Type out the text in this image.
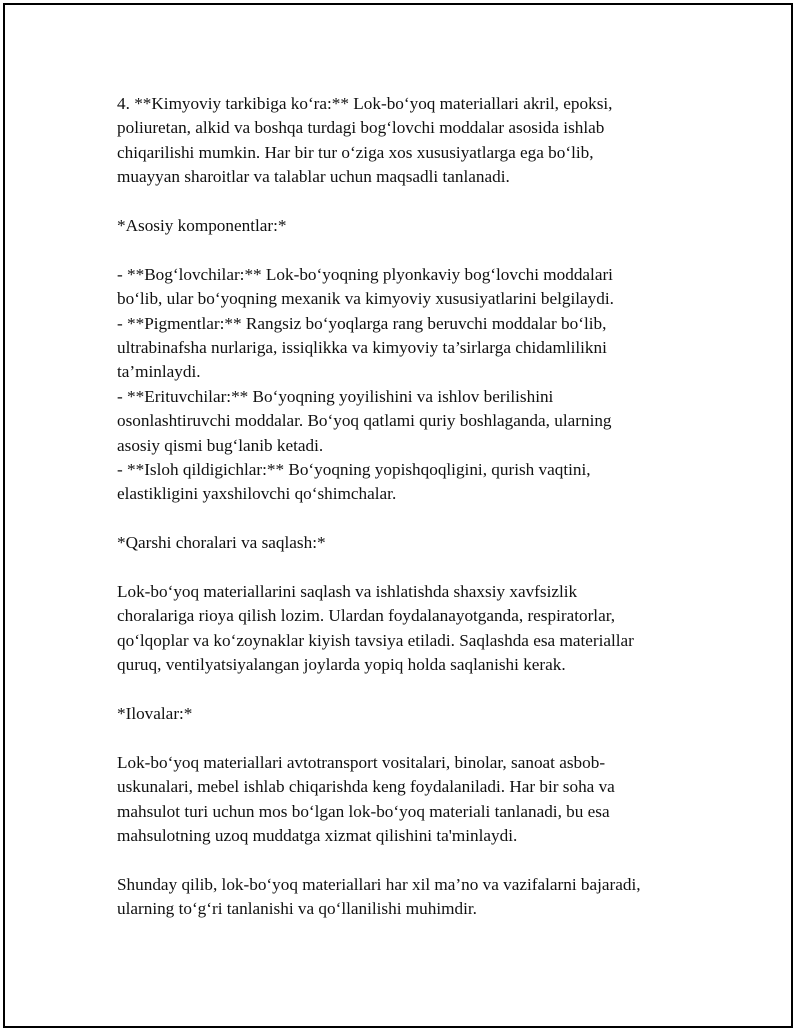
4. **Kimyoviy tarkibiga ko‘ra:** Lok-bo‘yoq materiallari akril, epoksi,

poliuretan, alkid va boshqa turdagi bog‘lovchi moddalar asosida ishlab

chiqarilishi mumkin. Har bir tur o‘ziga xos xususiyatlarga ega bo‘lib,

muayyan sharoitlar va talablar uchun maqsadli tanlanadi.

*Asosiy komponentlar:*

- **Bog‘lovchilar:** Lok-bo‘yoqning plyonkaviy bog‘lovchi moddalari

bo‘lib, ular bo‘yoqning mexanik va kimyoviy xususiyatlarini belgilaydi.

- **Pigmentlar:** Rangsiz bo‘yoqlarga rang beruvchi moddalar bo‘lib,

ultrabinafsha nurlariga, issiqlikka va kimyoviy ta’sirlarga chidamlilikni

ta’minlaydi.

- **Erituvchilar:** Bo‘yoqning yoyilishini va ishlov berilishini

osonlashtiruvchi moddalar. Bo‘yoq qatlami quriy boshlaganda, ularning

asosiy qismi bug‘lanib ketadi.

- **Isloh qildigichlar:** Bo‘yoqning yopishqoqligini, qurish vaqtini,

elastikligini yaxshilovchi qo‘shimchalar.

*Qarshi choralari va saqlash:*

Lok-bo‘yoq materiallarini saqlash va ishlatishda shaxsiy xavfsizlik

choralariga rioya qilish lozim. Ulardan foydalanayotganda, respiratorlar,

qo‘lqoplar va ko‘zoynaklar kiyish tavsiya etiladi. Saqlashda esa materiallar

quruq, ventilyatsiyalangan joylarda yopiq holda saqlanishi kerak.

*Ilovalar:*

Lok-bo‘yoq materiallari avtotransport vositalari, binolar, sanoat asbob-

uskunalari, mebel ishlab chiqarishda keng foydalaniladi. Har bir soha va

mahsulot turi uchun mos bo‘lgan lok-bo‘yoq materiali tanlanadi, bu esa

mahsulotning uzoq muddatga xizmat qilishini ta'minlaydi.

Shunday qilib, lok-bo‘yoq materiallari har xil ma’no va vazifalarni bajaradi,

ularning to‘g‘ri tanlanishi va qo‘llanilishi muhimdir.
